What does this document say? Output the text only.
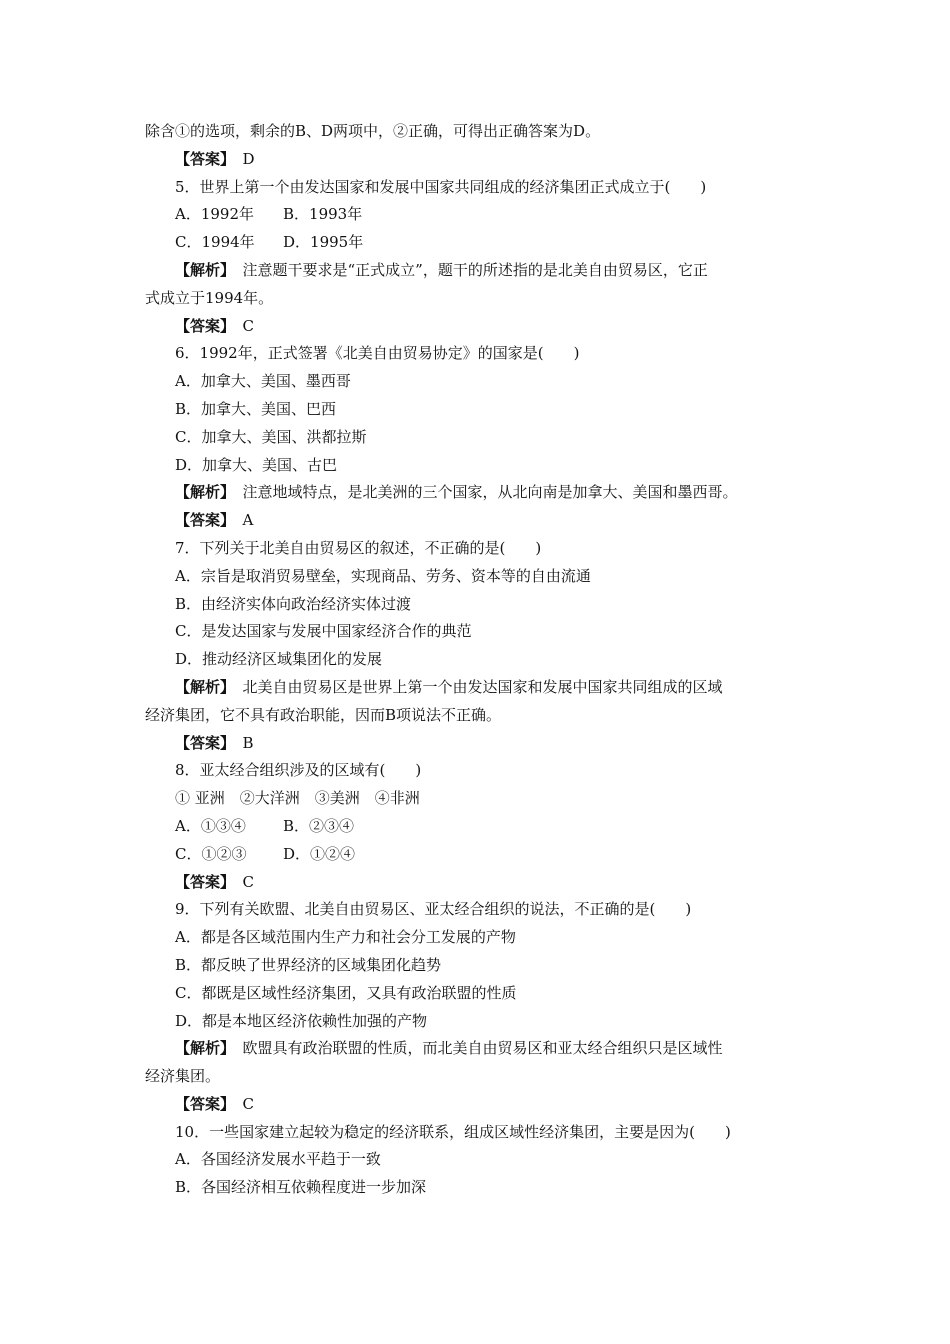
除含①的选项，剩余的B、D两项中，②正确，可得出正确答案为D。
【答案】　D
5．世界上第一个由发达国家和发展中国家共同组成的经济集团正式成立于(　　)
A．1992年 B．1993年
C．1994年 D．1995年
【解析】　注意题干要求是“正式成立”，题干的所述指的是北美自由贸易区，它正
式成立于1994年。
【答案】　C
6．1992年，正式签署《北美自由贸易协定》的国家是(　　)
A．加拿大、美国、墨西哥
B．加拿大、美国、巴西
C．加拿大、美国、洪都拉斯
D．加拿大、美国、古巴
【解析】　注意地域特点，是北美洲的三个国家，从北向南是加拿大、美国和墨西哥。
【答案】　A
7．下列关于北美自由贸易区的叙述，不正确的是(　　)
A．宗旨是取消贸易壁垒，实现商品、劳务、资本等的自由流通
B．由经济实体向政治经济实体过渡
C．是发达国家与发展中国家经济合作的典范
D．推动经济区域集团化的发展
【解析】　北美自由贸易区是世界上第一个由发达国家和发展中国家共同组成的区域
经济集团，它不具有政治职能，因而B项说法不正确。
【答案】　B
8．亚太经合组织涉及的区域有(　　)
① 亚洲　②大洋洲　③美洲　④非洲
A．①③④ B．②③④
C．①②③ D．①②④
【答案】　C
9．下列有关欧盟、北美自由贸易区、亚太经合组织的说法，不正确的是(　　)
A．都是各区域范围内生产力和社会分工发展的产物
B．都反映了世界经济的区域集团化趋势
C．都既是区域性经济集团，又具有政治联盟的性质
D．都是本地区经济依赖性加强的产物
【解析】　欧盟具有政治联盟的性质，而北美自由贸易区和亚太经合组织只是区域性
经济集团。
【答案】　C
10．一些国家建立起较为稳定的经济联系，组成区域性经济集团，主要是因为(　　)
A．各国经济发展水平趋于一致
B．各国经济相互依赖程度进一步加深
